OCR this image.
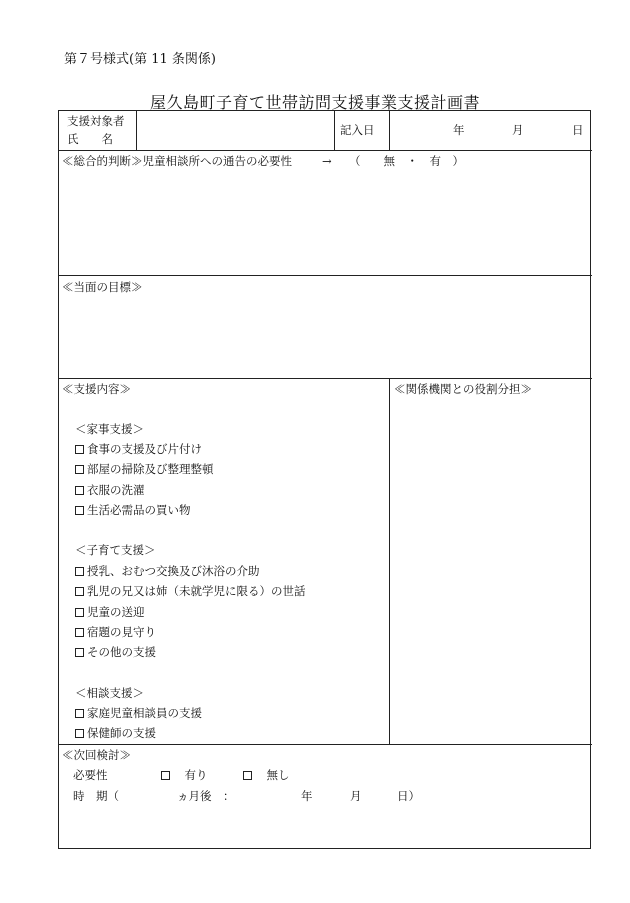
第７号様式(第 11 条関係)
屋久島町子育て世帯訪問支援事業支援計画書
支援対象者
氏　　名
記入日	年	月	日
≪総合的判断≫児童相談所への通告の必要性	→ （　　無　・　有　）
≪当面の目標≫
≪支援内容≫	≪関係機関との役割分担≫
＜家事支援＞
食事の支援及び片付け
部屋の掃除及び整理整頓
衣服の洗濯
生活必需品の買い物
＜子育て支援＞
授乳、おむつ交換及び沐浴の介助
乳児の兄又は姉（未就学児に限る）の世話
児童の送迎
宿題の見守り
その他の支援
＜相談支援＞
家庭児童相談員の支援
保健師の支援
≪次回検討≫
必要性
　	有り
　	無し
時　期（	ヵ月後　：	年	月	日）
